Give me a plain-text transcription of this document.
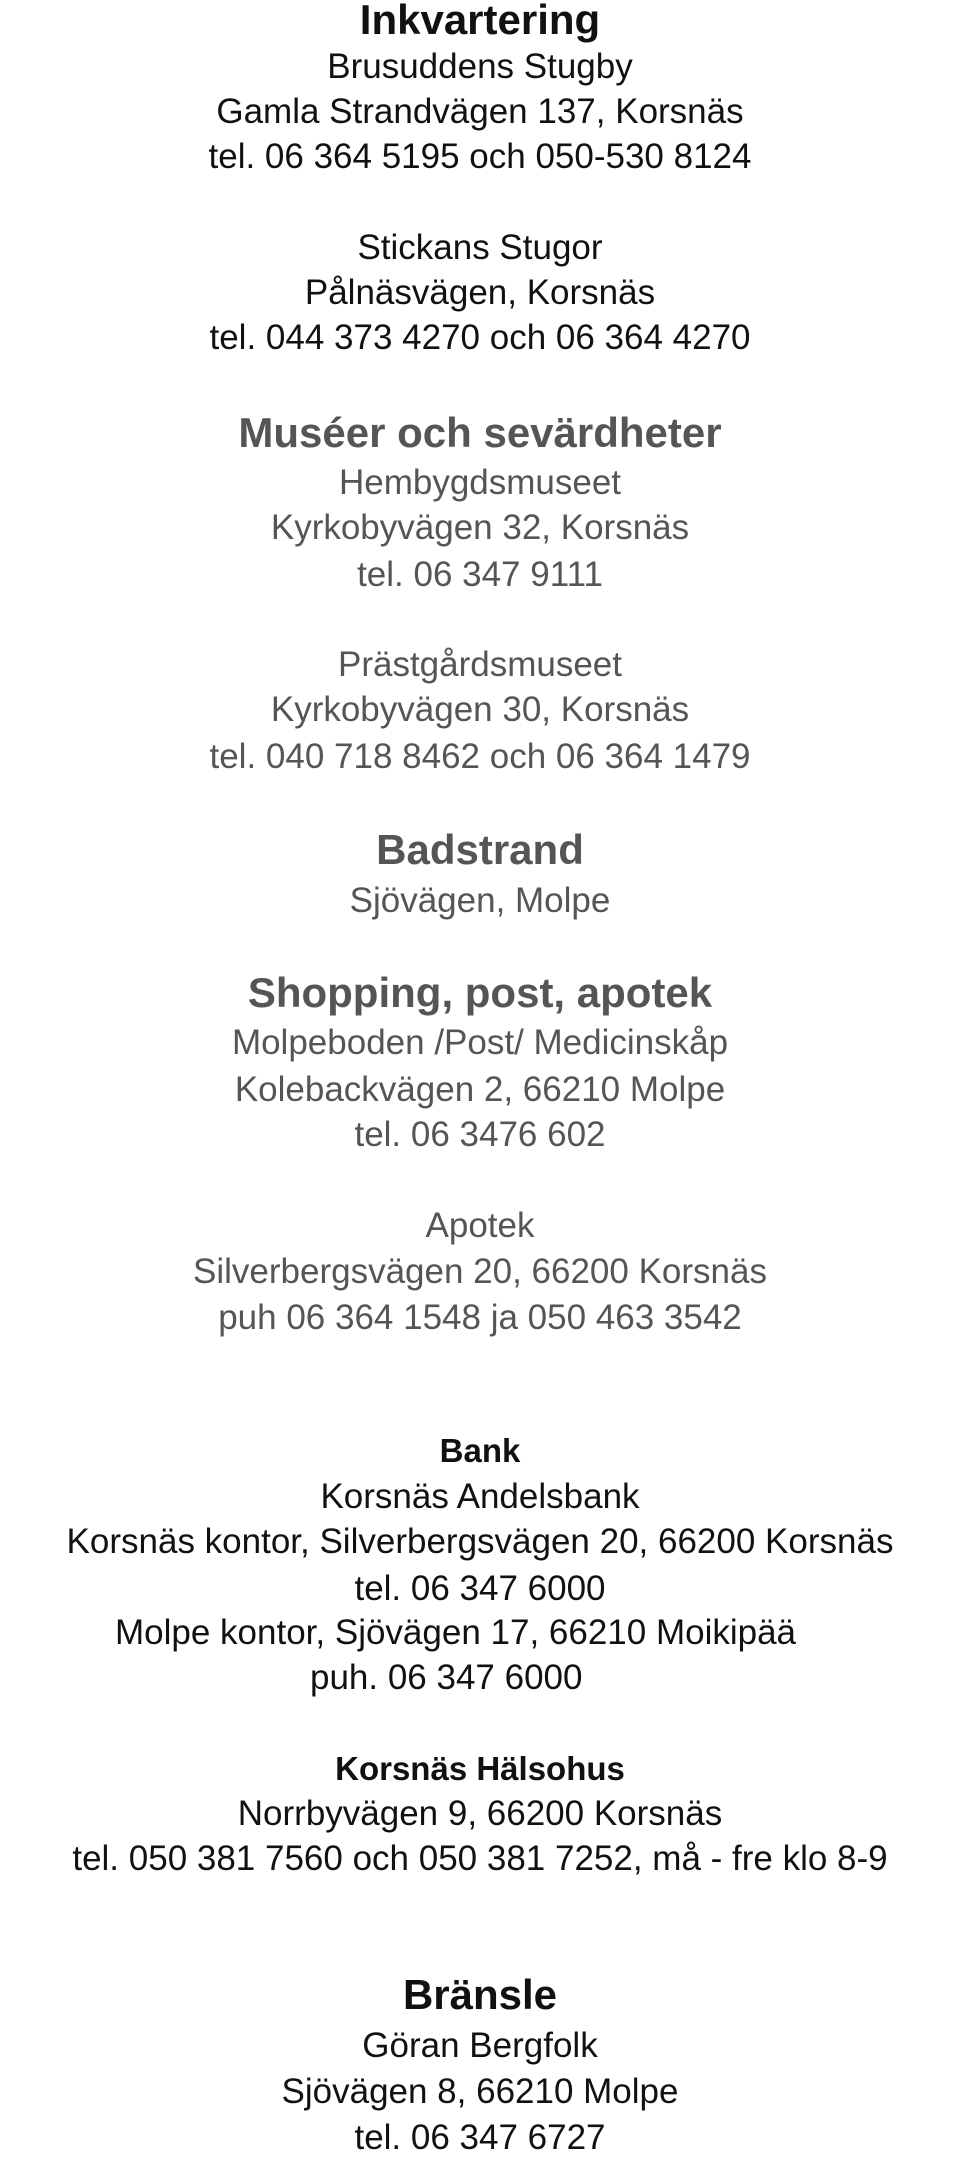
Inkvartering
Brusuddens Stugby
Gamla Strandvägen 137, Korsnäs
tel. 06 364 5195 och 050-530 8124
Stickans Stugor
Pålnäsvägen, Korsnäs
tel. 044 373 4270 och 06 364 4270
Muséer och sevärdheter
Hembygdsmuseet
Kyrkobyvägen 32, Korsnäs
tel. 06 347 9111
Prästgårdsmuseet
Kyrkobyvägen 30, Korsnäs
tel. 040 718 8462 och 06 364 1479
Badstrand
Sjövägen, Molpe
Shopping, post, apotek
Molpeboden /Post/ Medicinskåp
Kolebackvägen 2, 66210 Molpe
tel. 06 3476 602
Apotek
Silverbergsvägen 20, 66200 Korsnäs
puh 06 364 1548 ja 050 463 3542
Bank
Korsnäs Andelsbank
Korsnäs kontor, Silverbergsvägen 20, 66200 Korsnäs
tel. 06 347 6000
Molpe kontor, Sjövägen 17, 66210 Moikipää
puh. 06 347 6000
Korsnäs Hälsohus
Norrbyvägen 9, 66200 Korsnäs
tel. 050 381 7560 och 050 381 7252, må - fre klo 8-9
Bränsle
Göran Bergfolk
Sjövägen 8, 66210 Molpe
tel. 06 347 6727
